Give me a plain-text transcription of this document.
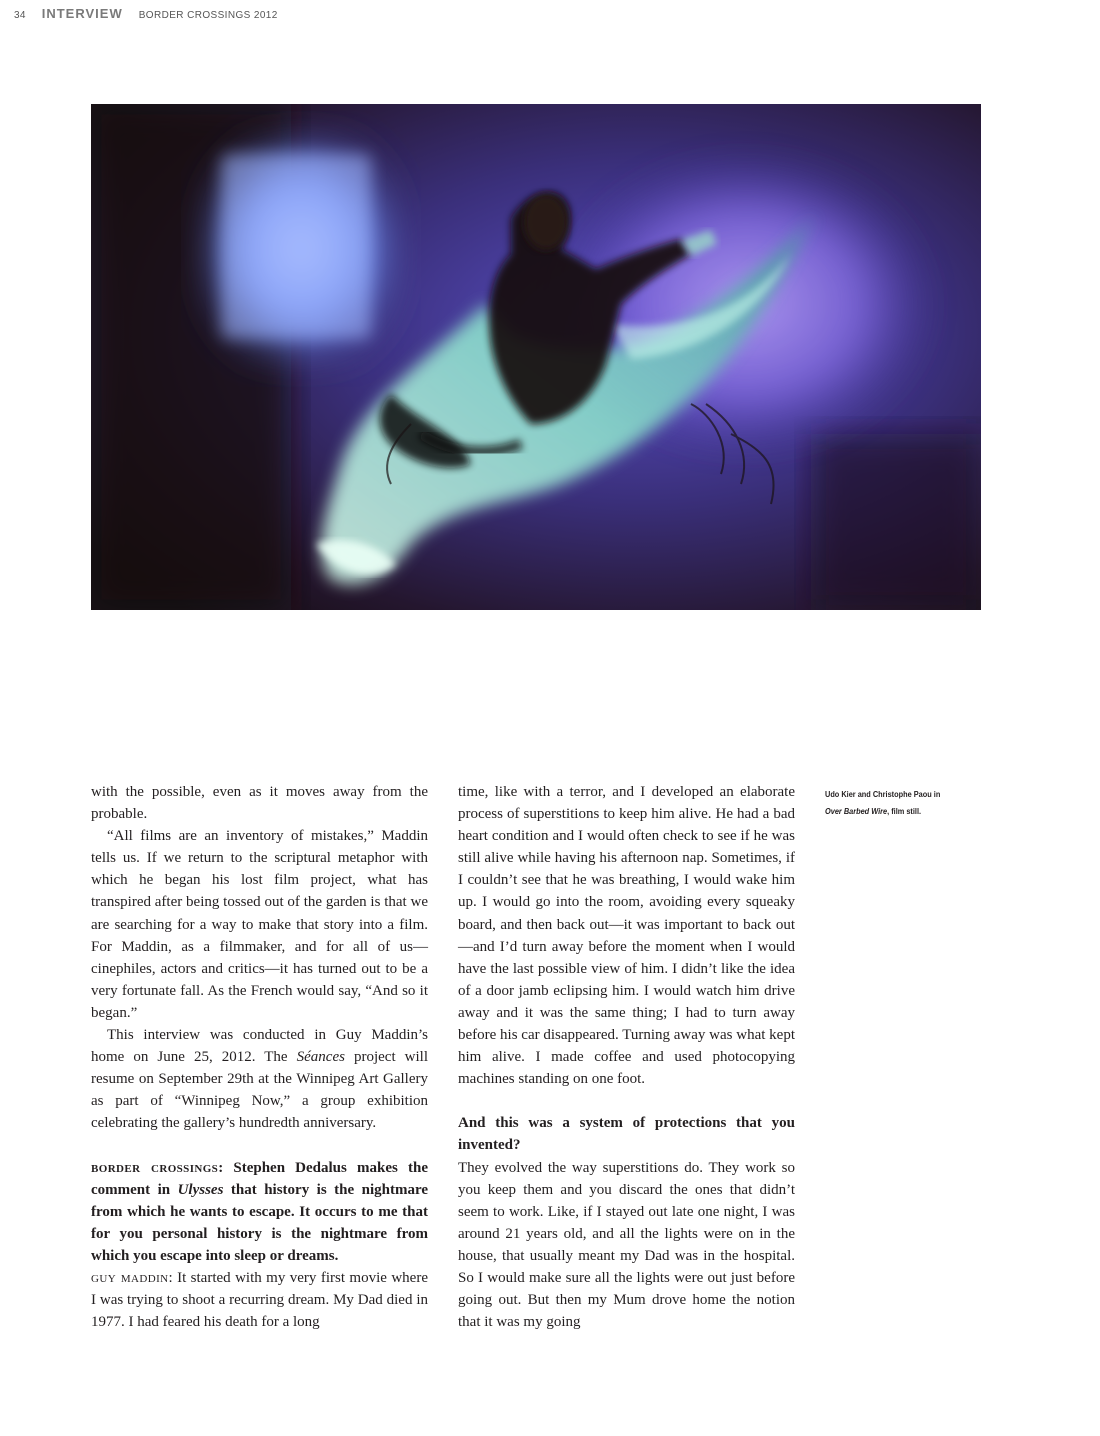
34 INTERVIEW BORDER CROSSINGS 2012
Udo Kier and Christophe Paou in
Over Barbed Wire, film still.

with the possible, even as it moves away from the probable.

“All films are an inventory of mistakes,” Maddin tells us. If we return to the scriptural metaphor with which he began his lost film project, what has transpired after being tossed out of the garden is that we are searching for a way to make that story into a film. For Maddin, as a filmmaker, and for all of us—cinephiles, actors and critics—it has turned out to be a very fortunate fall. As the French would say, “And so it began.”

This interview was conducted in Guy Maddin’s home on June 25, 2012. The Séances project will resume on September 29th at the Winnipeg Art Gallery as part of “Winnipeg Now,” a group exhibition celebrating the gallery’s hundredth anniversary.

border crossings: Stephen Dedalus makes the comment in Ulysses that history is the nightmare from which he wants to escape. It occurs to me that for you personal history is the nightmare from which you escape into sleep or dreams.

guy maddin: It started with my very first movie where I was trying to shoot a recurring dream. My Dad died in 1977. I had feared his death for a long

time, like with a terror, and I developed an elaborate process of superstitions to keep him alive. He had a bad heart condition and I would often check to see if he was still alive while having his afternoon nap. Sometimes, if I couldn’t see that he was breathing, I would wake him up. I would go into the room, avoiding every squeaky board, and then back out—it was important to back out—and I’d turn away before the moment when I would have the last possible view of him. I didn’t like the idea of a door jamb eclipsing him. I would watch him drive away and it was the same thing; I had to turn away before his car disappeared. Turning away was what kept him alive. I made coffee and used photocopying machines standing on one foot.

And this was a system of protections that you invented?

They evolved the way superstitions do. They work so you keep them and you discard the ones that didn’t seem to work. Like, if I stayed out late one night, I was around 21 years old, and all the lights were on in the house, that usually meant my Dad was in the hospital. So I would make sure all the lights were out just before going out. But then my Mum drove home the notion that it was my going
